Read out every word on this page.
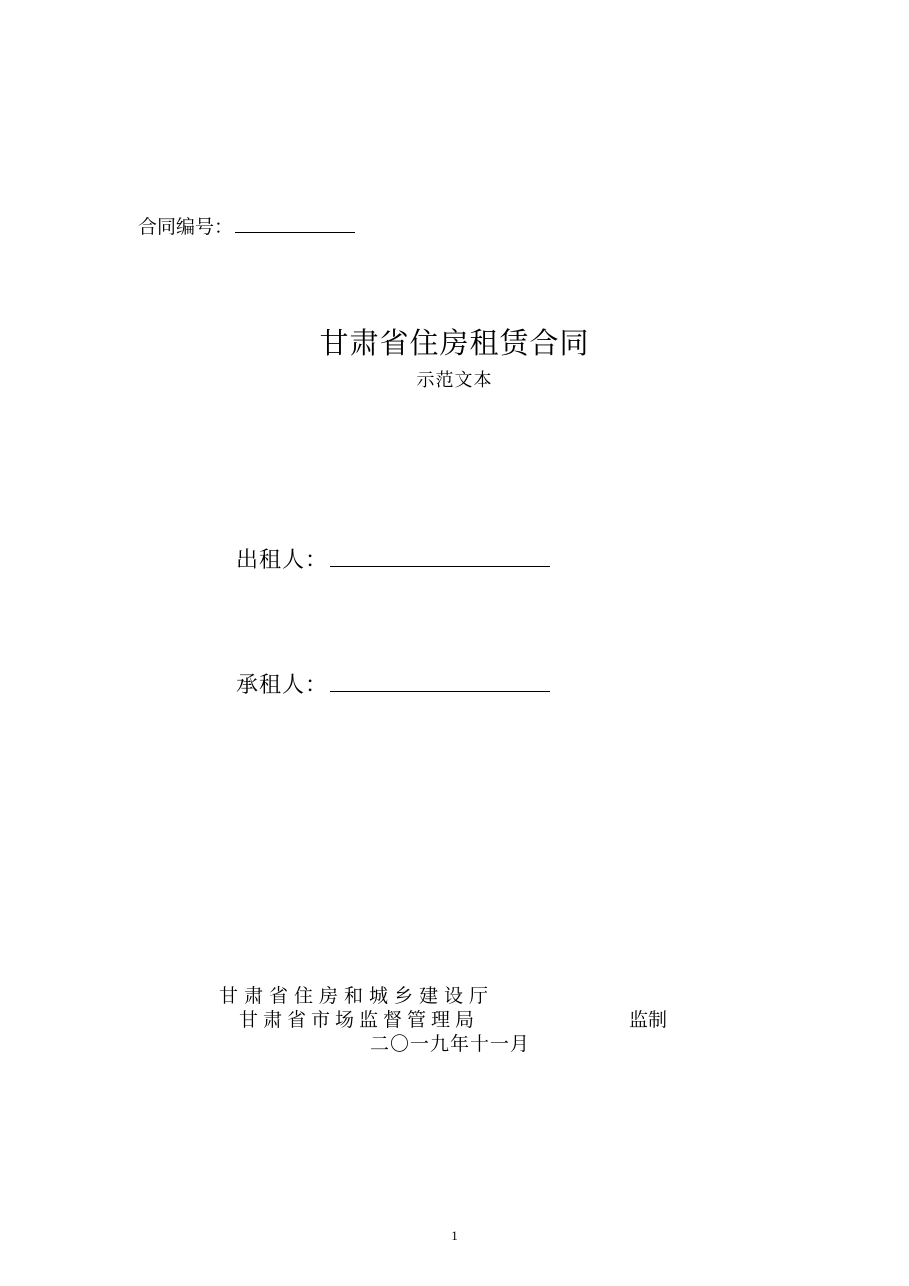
合同编号：
甘肃省住房租赁合同
示范文本
出租人：
承租人：
甘肃省住房和城乡建设厅
甘肃省市场监督管理局	监制
二〇一九年十一月
1
